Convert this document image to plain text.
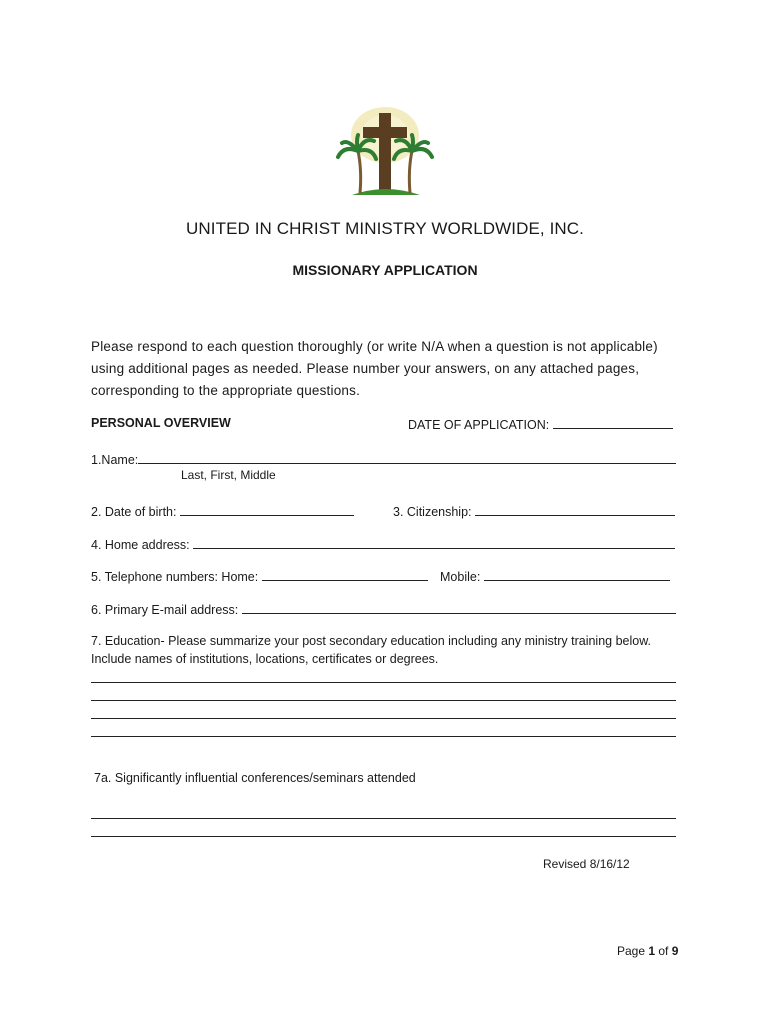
UNITED IN CHRIST MINISTRY WORLDWIDE, INC.
MISSIONARY APPLICATION
Please respond to each question thoroughly (or write N/A when a question is not applicable) using additional pages as needed. Please number your answers, on any attached pages, corresponding to the appropriate questions.
PERSONAL OVERVIEW	DATE OF APPLICATION:
1.Name:
Last, First, Middle
2. Date of birth:	3. Citizenship:
4. Home address:
5. Telephone numbers: Home:	Mobile:
6. Primary E-mail address:
7. Education- Please summarize your post secondary education including any ministry training below.
Include names of institutions, locations, certificates or degrees.
7a. Significantly influential conferences/seminars attended
Revised 8/16/12
Page 1 of 9
